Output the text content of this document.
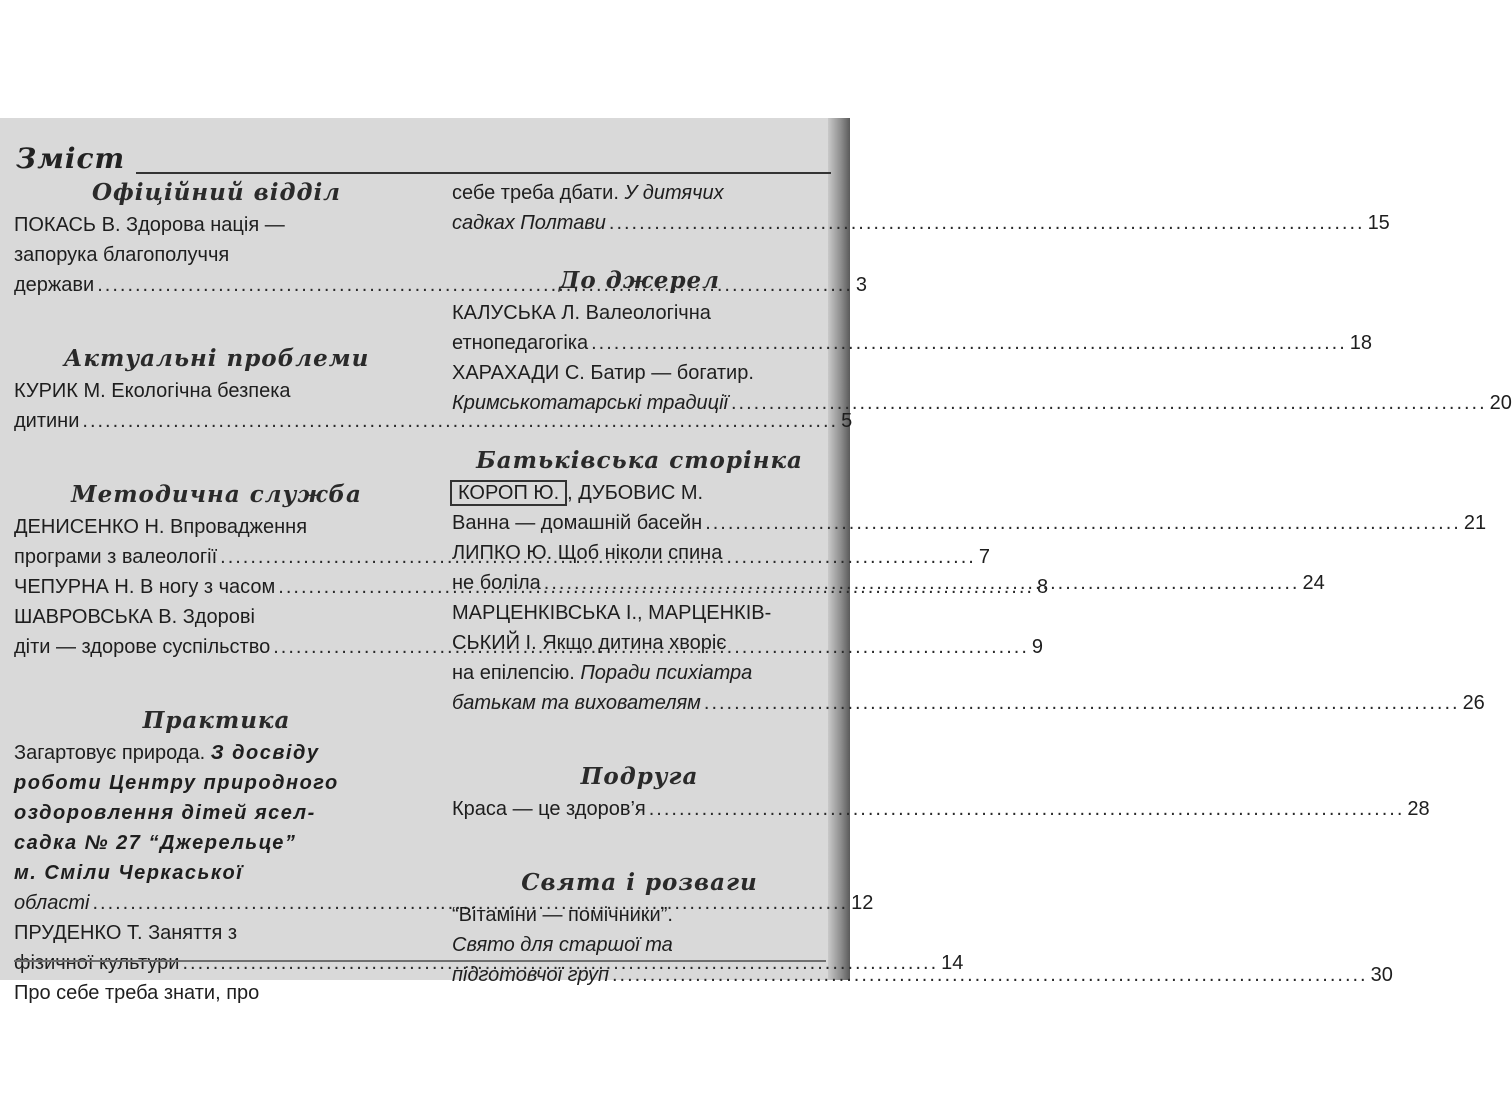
Зміст
Офіційний відділ
ПОКАСЬ В. Здорова нація —
запорука благополуччя
держави .....	3
Актуальні проблеми
КУРИК М. Екологічна безпека
дитини .....	5
Методична служба
ДЕНИСЕНКО Н. Впровадження
програми з валеології .....	7
ЧЕПУРНА Н. В ногу з часом .....	8
ШАВРОВСЬКА В. Здорові
діти — здорове суспільство .....	9
Практика
Загартовує природа. З досвіду
роботи Центру природного
оздоровлення дітей ясел-
садка № 27 “Джерельце”
м. Сміли Черкаської
області .....	12
ПРУДЕНКО Т. Заняття з
фізичної культури .....	14
Про себе треба знати, про
себе треба дбати. У дитячих
садках Полтави .....	15
До джерел
КАЛУСЬКА Л. Валеологічна
етнопедагогіка .....	18
ХАРАХАДИ С. Батир — богатир.
Кримськотатарські традиції .....	20
Батьківська сторінка
КОРОП Ю. , ДУБОВИС М.
Ванна — домашній басейн .....	21
ЛИПКО Ю. Щоб ніколи спина
не боліла .....	24
МАРЦЕНКІВСЬКА І., МАРЦЕНКІВ-
СЬКИЙ І. Якщо дитина хворіє
на епілепсію. Поради психіатра
батькам та вихователям .....	26
Подруга
Краса — це здоров’я .....	28
Свята і розваги
“Вітаміни — помічники”.
Свято для старшої та
підготовчої груп .....	30
